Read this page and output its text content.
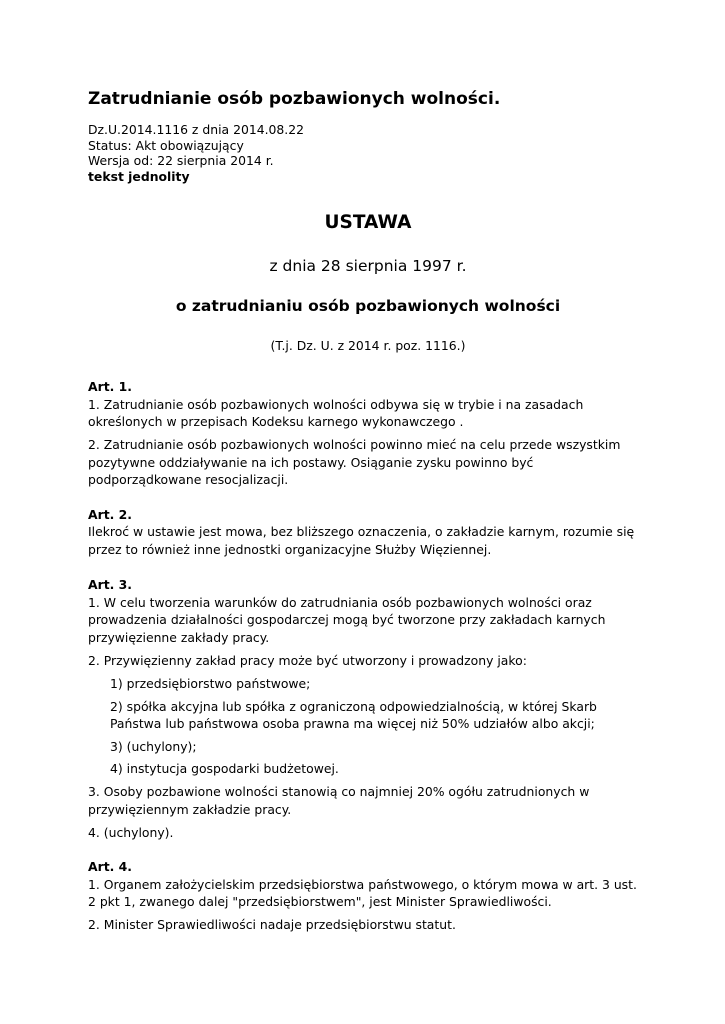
Zatrudnianie osób pozbawionych wolności.
Dz.U.2014.1116 z dnia 2014.08.22
Status: Akt obowiązujący
Wersja od: 22 sierpnia 2014 r.
tekst jednolity
USTAWA
z dnia 28 sierpnia 1997 r.
o zatrudnianiu osób pozbawionych wolności
(T.j. Dz. U. z 2014 r. poz. 1116.)
Art. 1.

1. Zatrudnianie osób pozbawionych wolności odbywa się w trybie i na zasadach określonych w przepisach Kodeksu karnego wykonawczego .

2. Zatrudnianie osób pozbawionych wolności powinno mieć na celu przede wszystkim pozytywne oddziaływanie na ich postawy. Osiąganie zysku powinno być podporządkowane resocjalizacji.

Art. 2.

Ilekroć w ustawie jest mowa, bez bliższego oznaczenia, o zakładzie karnym, rozumie się przez to również inne jednostki organizacyjne Służby Więziennej.

Art. 3.

1. W celu tworzenia warunków do zatrudniania osób pozbawionych wolności oraz prowadzenia działalności gospodarczej mogą być tworzone przy zakładach karnych przywięzienne zakłady pracy.

2. Przywięzienny zakład pracy może być utworzony i prowadzony jako:

1) przedsiębiorstwo państwowe;
2) spółka akcyjna lub spółka z ograniczoną odpowiedzialnością, w której Skarb Państwa lub państwowa osoba prawna ma więcej niż 50% udziałów albo akcji;
3) (uchylony);
4) instytucja gospodarki budżetowej.

3. Osoby pozbawione wolności stanowią co najmniej 20% ogółu zatrudnionych w przywięziennym zakładzie pracy.

4. (uchylony).

Art. 4.

1. Organem założycielskim przedsiębiorstwa państwowego, o którym mowa w art. 3 ust. 2 pkt 1, zwanego dalej "przedsiębiorstwem", jest Minister Sprawiedliwości.

2. Minister Sprawiedliwości nadaje przedsiębiorstwu statut.
